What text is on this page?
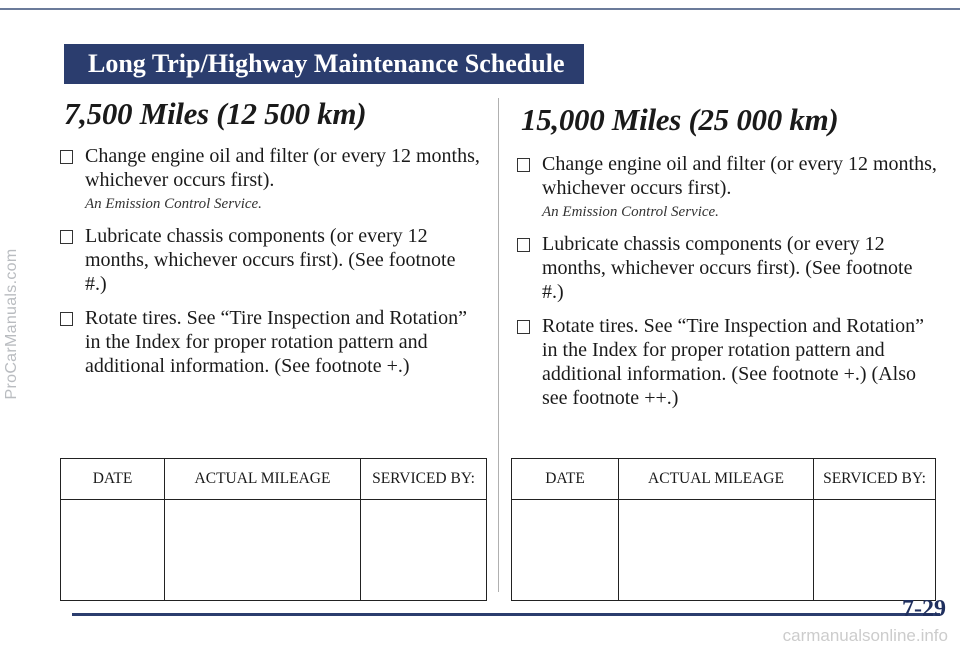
ProCarManuals.com
Long Trip/Highway Maintenance Schedule
7,500 Miles (12 500 km)
Change engine oil and filter (or every 12 months, whichever occurs first).
An Emission Control Service.
Lubricate chassis components (or every 12 months, whichever occurs first). (See footnote #.)
Rotate tires. See “Tire Inspection and Rotation” in the Index for proper rotation pattern and additional information. (See footnote +.)
15,000 Miles (25 000 km)
Change engine oil and filter (or every 12 months, whichever occurs first).
An Emission Control Service.
Lubricate chassis components (or every 12 months, whichever occurs first). (See footnote #.)
Rotate tires. See “Tire Inspection and Rotation” in the Index for proper rotation pattern and additional information. (See footnote +.) (Also see footnote ++.)
DATE	ACTUAL MILEAGE	SERVICED BY:
			DATE	ACTUAL MILEAGE	SERVICED BY:

7-29
carmanualsonline.info
